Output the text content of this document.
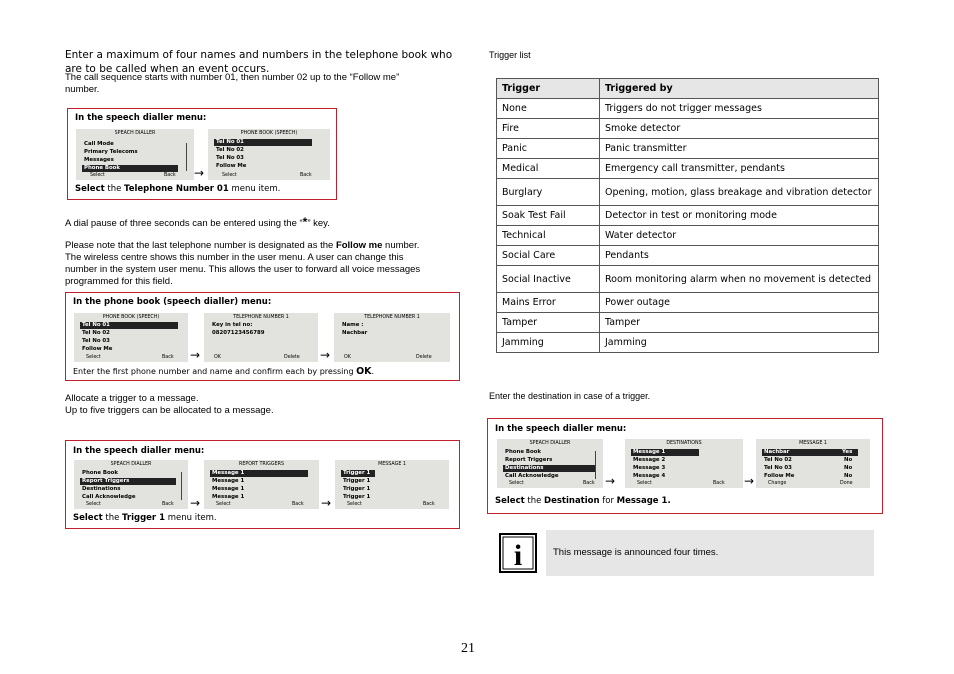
Enter a maximum of four names and numbers in the telephone book who
are to be called when an event occurs.
The call sequence starts with number 01, then number 02 up to the “Follow me”
number.
In the speech dialler menu:
SPEACH DIALLER
Call Mode
Primary Telecoms
Messages
Phone Book
Select	Back →
PHONE BOOK (SPEECH)
Tel No 01
Tel No 02
Tel No 03
Follow Me
Select	Back
Select the Telephone Number 01 menu item.
A dial pause of three seconds can be entered using the “*” key.
Please note that the last telephone number is designated as the Follow me number.
The wireless centre shows this number in the user menu. A user can change this
number in the system user menu. This allows the user to forward all voice messages
programmed for this field.
In the phone book (speech dialler) menu:
PHONE BOOK (SPEECH)
Tel No 01
Tel No 02
Tel No 03
Follow Me
Select	Back →
TELEPHONE NUMBER 1
Key in tel no:
08207123456789
OK	Delete →
TELEPHONE NUMBER 1
Name :
Nachbar
OK	Delete
Enter the first phone number and name and confirm each by pressing OK.
Allocate a trigger to a message.
Up to five triggers can be allocated to a message.
In the speech dialler menu:
SPEACH DIALLER
Phone Book
Report Triggers
Destinations
Call Acknowledge
Select	Back →
REPORT TRIGGERS
Message 1
Message 1
Message 1
Message 1
Select	Back →
MESSAGE 1
Trigger 1
Trigger 1
Trigger 1
Trigger 1
Select	Back
Select the Trigger 1 menu item.
Trigger list
Trigger	Triggered by
None	Triggers do not trigger messages
Fire	Smoke detector
Panic	Panic transmitter
Medical	Emergency call transmitter, pendants
Burglary	Opening, motion, glass breakage and vibration detector
Soak Test Fail	Detector in test or monitoring mode
Technical	Water detector
Social Care	Pendants
Social Inactive	Room monitoring alarm when no movement is detected
Mains Error	Power outage
Tamper	Tamper
Jamming	Jamming
Enter the destination in case of a trigger.
In the speech dialler menu:
SPEACH DIALLER
Phone Book
Report Triggers
Destinations
Call Acknowledge
Select	Back →
DESTINATIONS
Message 1
Message 2
Message 3
Message 4
Select	Back →
MESSAGE 1
Nachbar	Yes
Tel No 02	No
Tel No 03	No
Follow Me	No
Change	Done
Select the Destination for Message 1.
i	This message is announced four times.
21
